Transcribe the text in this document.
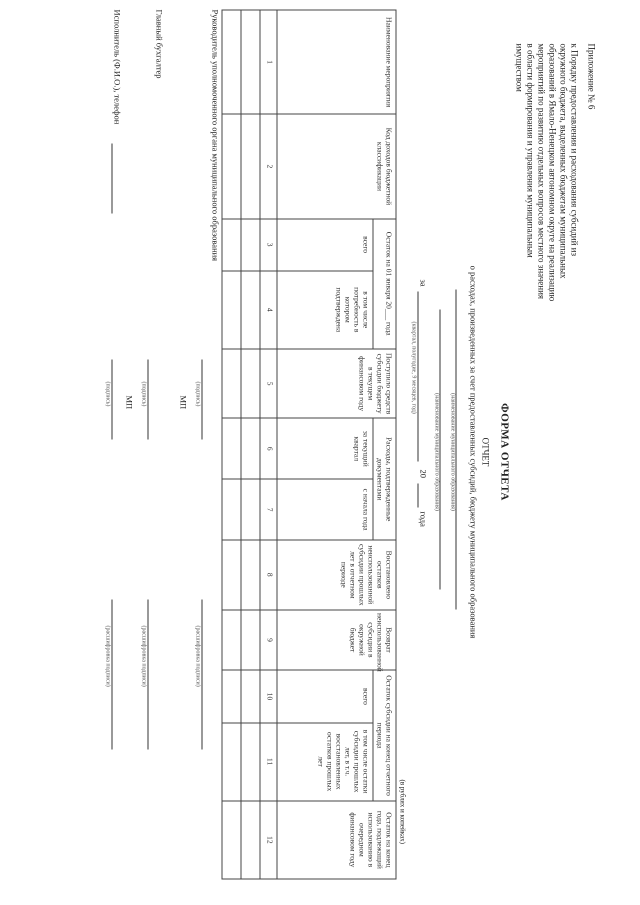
Приложение № 6
к Порядку предоставления и расходования субсидий из
окружного бюджета, выделенных бюджетам муниципальных
образований в Ямало-Ненецком автономном округе на реализацию
мероприятий по развитию отдельных вопросов местного значения
в области формирования и управления муниципальным
имуществом
ФОРМА ОТЧЕТА
ОТЧЕТ
о расходах, произведенных за счет предоставленных субсидий, бюджету муниципального образования
(наименование муниципального образования)
(наименование муниципального образования)
за
20
года
(квартал, полугодие, 9 месяцев, год)
(в рублях и копейках)
Наименование мероприятия	Код доходов бюджетной классификации	Остаток на 01 января 20___ года		Поступило средств субсидии бюджету в текущем финансовом году	Расходы, подтвержденные документами		Восстановлено остатков неиспользованной субсидии прошлых лет в отчетном периоде	Возврат неиспользованной субсидии в окружной бюджет	Остаток субсидии на конец отчетного периода		Остаток на конец года, подлежащий использованию в очередном финансовом году
		всего	в том числе потребность в котором подтверждена		за текущий квартал	с начала года			всего	в том числе остатки субсидии прошлых лет, в т.ч. восстановленных остатков прошлых лет	
1	2	3	4	5	6	7	8	9	10	11	12

Руководитель уполномоченного органа муниципального образования
(подпись)
(расшифровка подписи)
МП
Главный бухгалтер
(подпись)
(расшифровка подписи)
МП
Исполнитель (Ф.И.О.), телефон
(подпись)
(расшифровка подписи)
